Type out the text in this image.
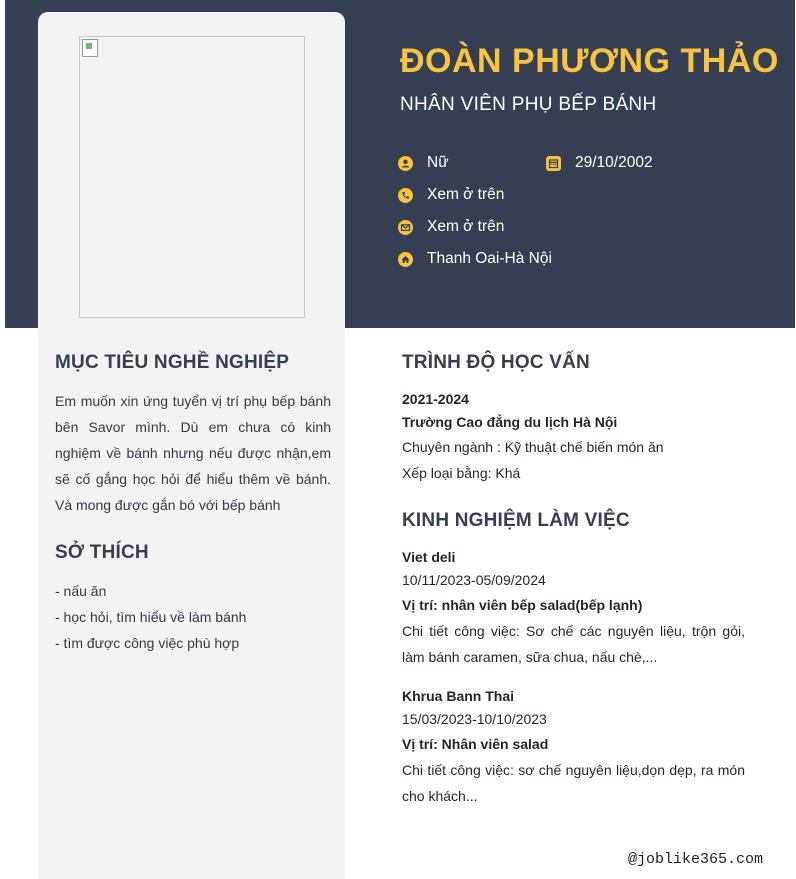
ĐOÀN PHƯƠNG THẢO
NHÂN VIÊN PHỤ BẾP BÁNH
Nữ	29/10/2002
Xem ở trên
Xem ở trên
Thanh Oai-Hà Nội
MỤC TIÊU NGHỀ NGHIỆP
Em muốn xin ứng tuyển vị trí phụ bếp bánh bên Savor mình. Dù em chưa có kinh nghiệm về bánh nhưng nếu được nhận,em sẽ cố gắng học hỏi để hiểu thêm về bánh. Và mong được gắn bó với bếp bánh
SỞ THÍCH
- nấu ăn
- học hỏi, tìm hiểu về làm bánh
- tìm được công việc phù hợp
TRÌNH ĐỘ HỌC VẤN
2021-2024
Trường Cao đẳng du lịch Hà Nội
Chuyên ngành : Kỹ thuật chế biến món ăn
Xếp loại bằng: Khá
KINH NGHIỆM LÀM VIỆC
Viet deli
10/11/2023-05/09/2024
Vị trí: nhân viên bếp salad(bếp lạnh)
Chi tiết công việc: Sơ chế các nguyên liệu, trộn gỏi, làm bánh caramen, sữa chua, nấu chè,...
Khrua Bann Thai
15/03/2023-10/10/2023
Vị trí: Nhân viên salad
Chi tiết công việc: sơ chế nguyên liệu,dọn dẹp, ra món cho khách...
@joblike365.com
